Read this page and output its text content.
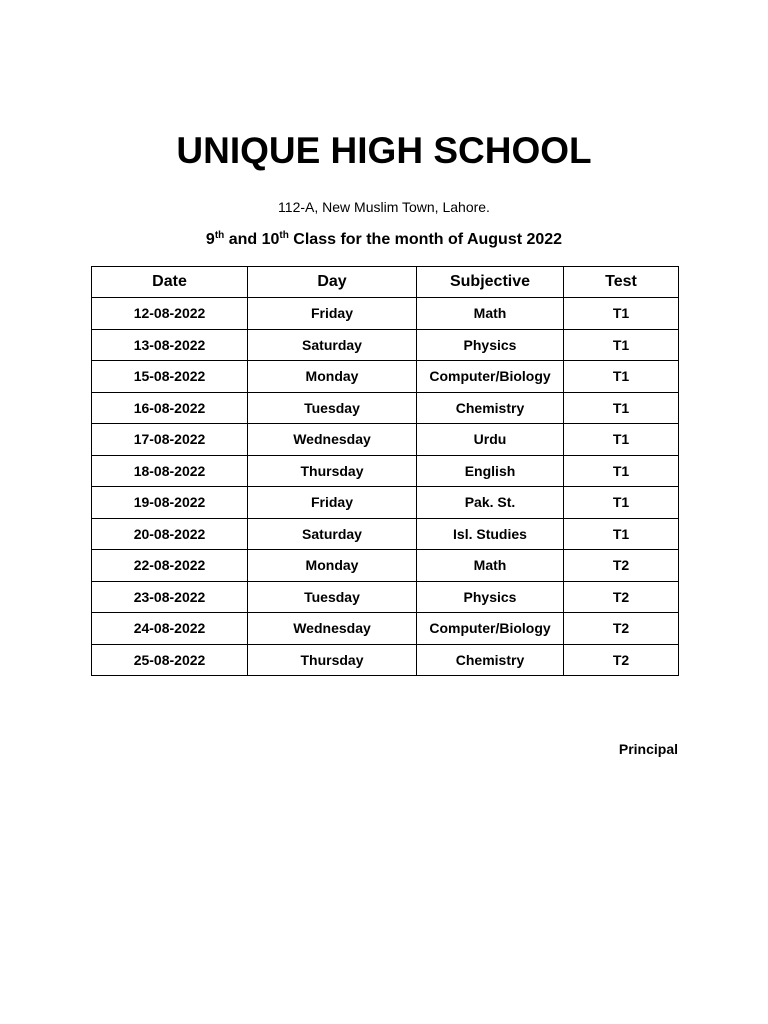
UNIQUE HIGH SCHOOL

112-A, New Muslim Town, Lahore.

9th and 10th Class for the month of August 2022

Date	Day	Subjective	Test
12-08-2022	Friday	Math	T1
13-08-2022	Saturday	Physics	T1
15-08-2022	Monday	Computer/Biology	T1
16-08-2022	Tuesday	Chemistry	T1
17-08-2022	Wednesday	Urdu	T1
18-08-2022	Thursday	English	T1
19-08-2022	Friday	Pak. St.	T1
20-08-2022	Saturday	Isl. Studies	T1
22-08-2022	Monday	Math	T2
23-08-2022	Tuesday	Physics	T2
24-08-2022	Wednesday	Computer/Biology	T2
25-08-2022	Thursday	Chemistry	T2

Principal
